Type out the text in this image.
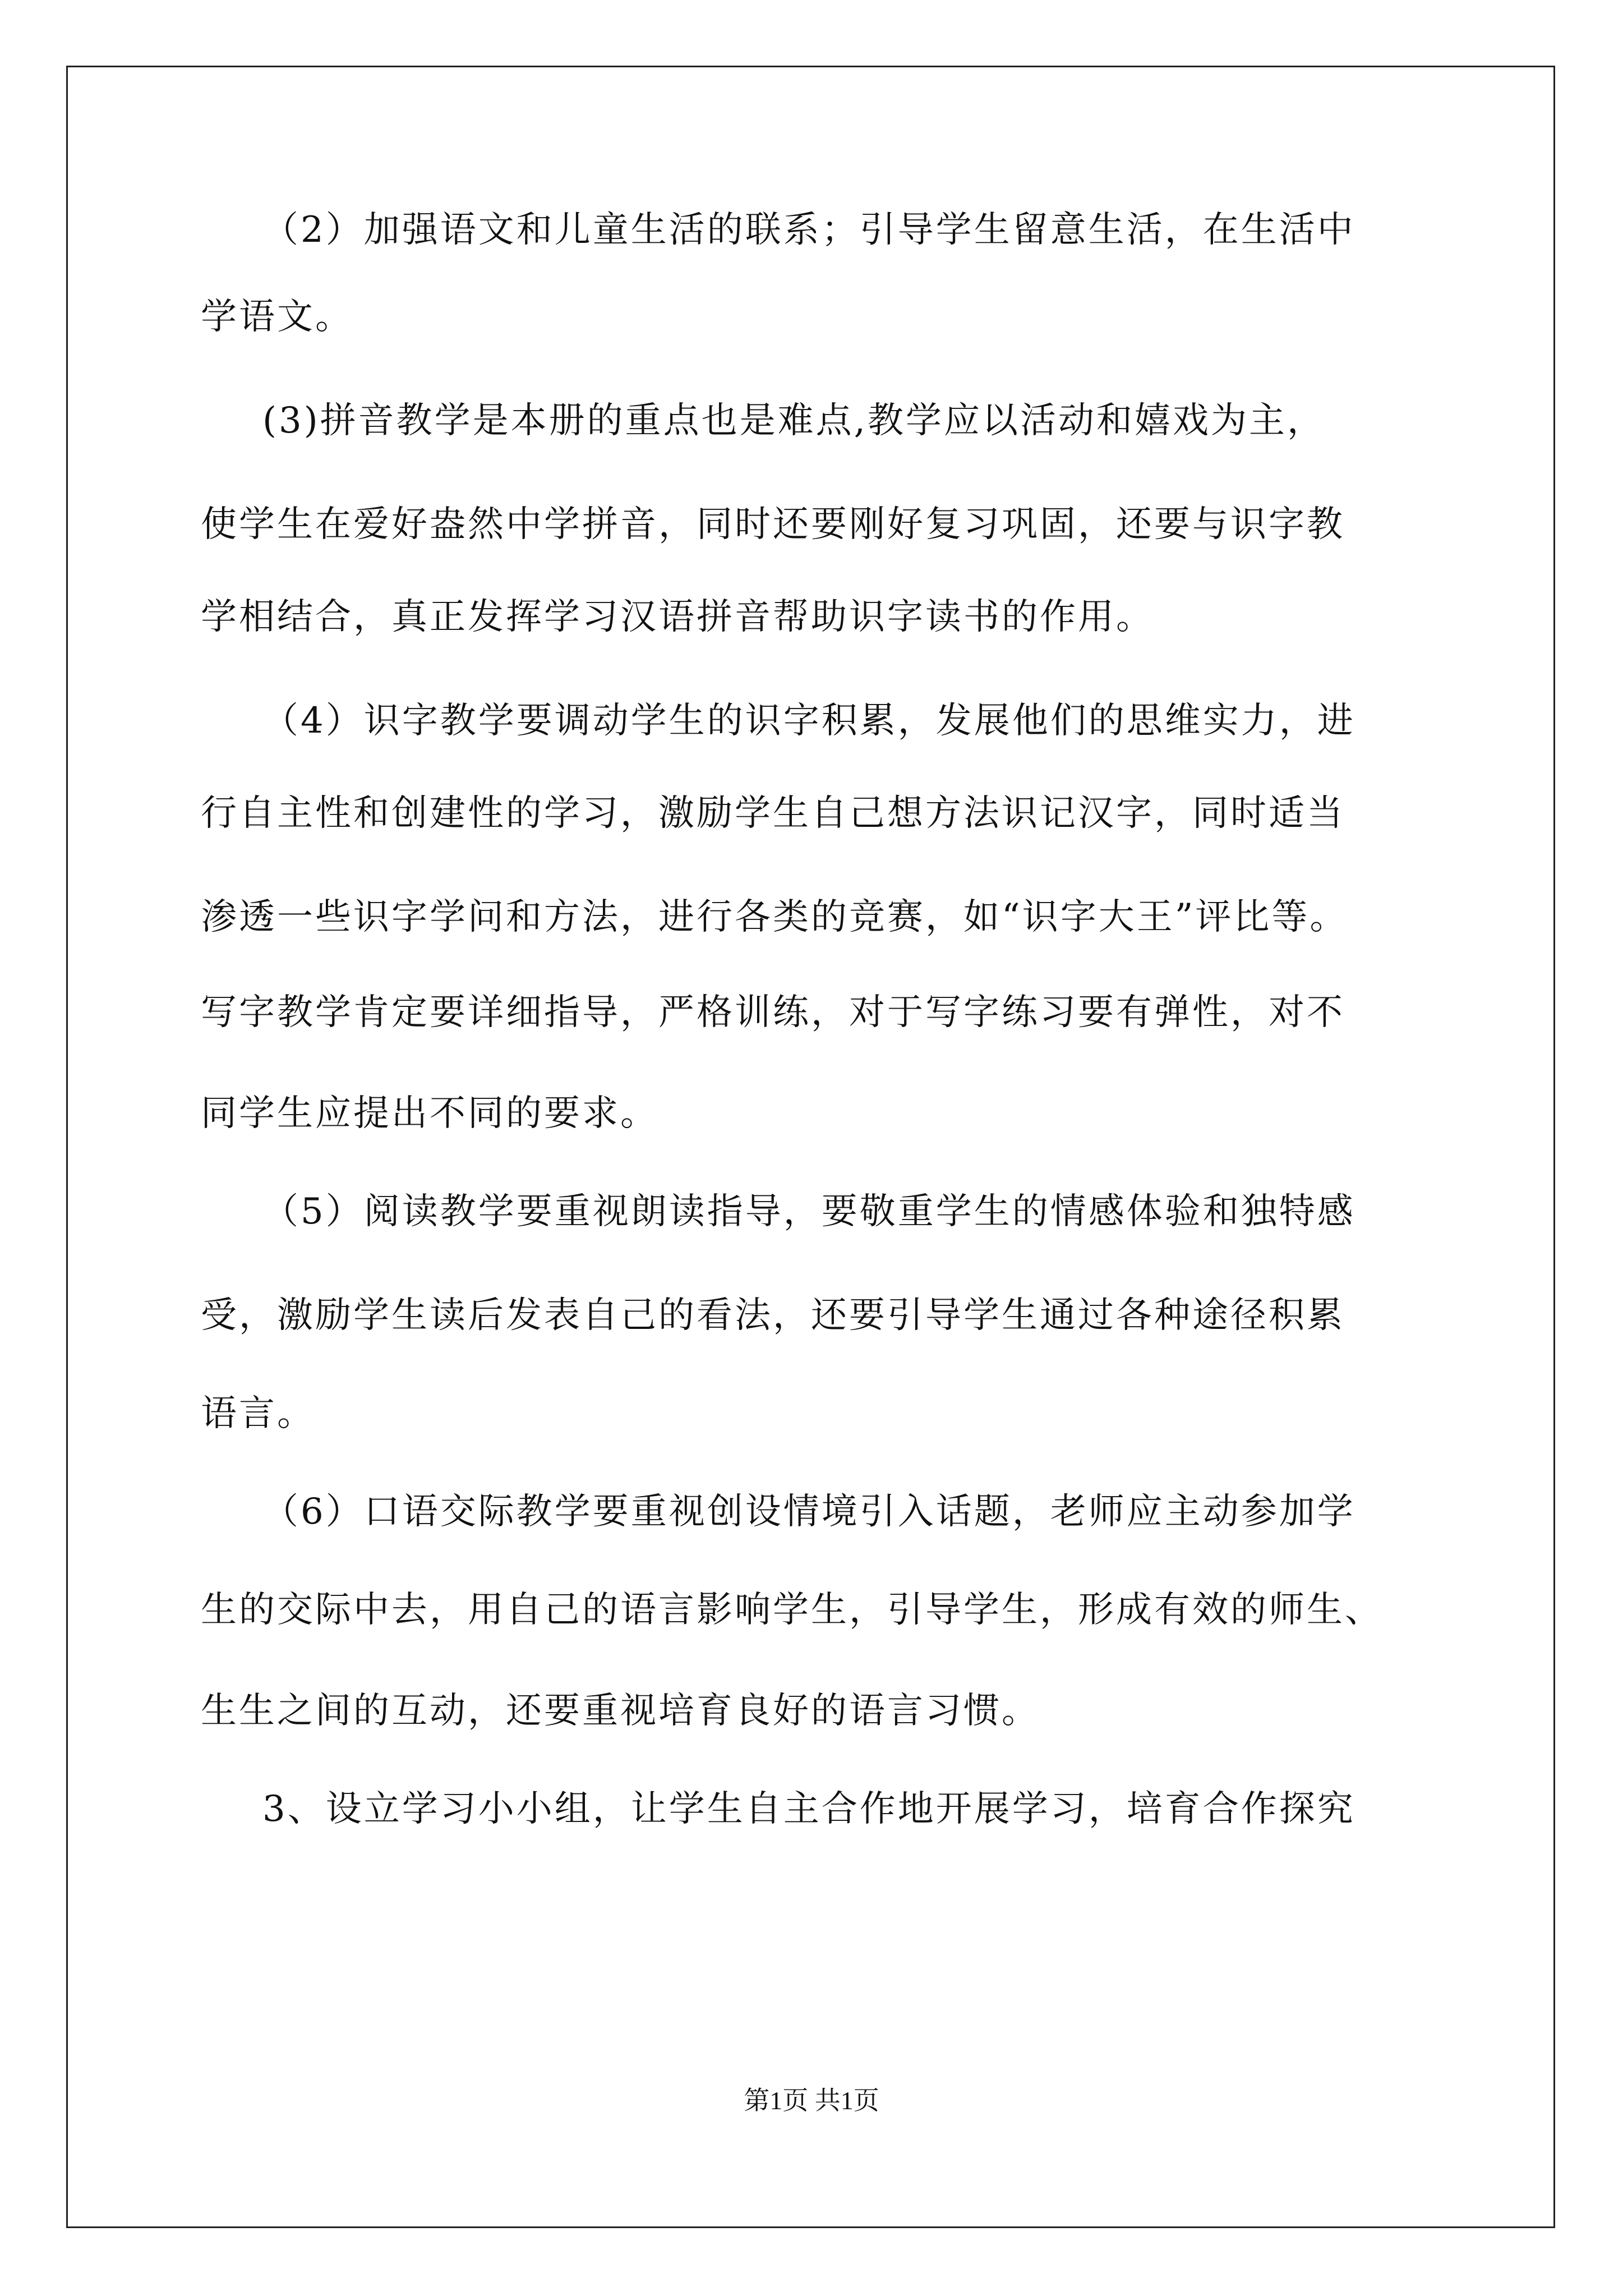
（2）加强语文和儿童生活的联系；引导学生留意生活，在生活中
学语文。
(3)拼音教学是本册的重点也是难点,教学应以活动和嬉戏为主，
使学生在爱好盎然中学拼音，同时还要刚好复习巩固，还要与识字教
学相结合，真正发挥学习汉语拼音帮助识字读书的作用。
（4）识字教学要调动学生的识字积累，发展他们的思维实力，进
行自主性和创建性的学习，激励学生自己想方法识记汉字，同时适当
渗透一些识字学问和方法，进行各类的竞赛，如“识字大王”评比等。
写字教学肯定要详细指导，严格训练，对于写字练习要有弹性，对不
同学生应提出不同的要求。
（5）阅读教学要重视朗读指导，要敬重学生的情感体验和独特感
受，激励学生读后发表自己的看法，还要引导学生通过各种途径积累
语言。
（6）口语交际教学要重视创设情境引入话题，老师应主动参加学
生的交际中去，用自己的语言影响学生，引导学生，形成有效的师生、
生生之间的互动，还要重视培育良好的语言习惯。
3、设立学习小小组，让学生自主合作地开展学习，培育合作探究
第1页 共1页
